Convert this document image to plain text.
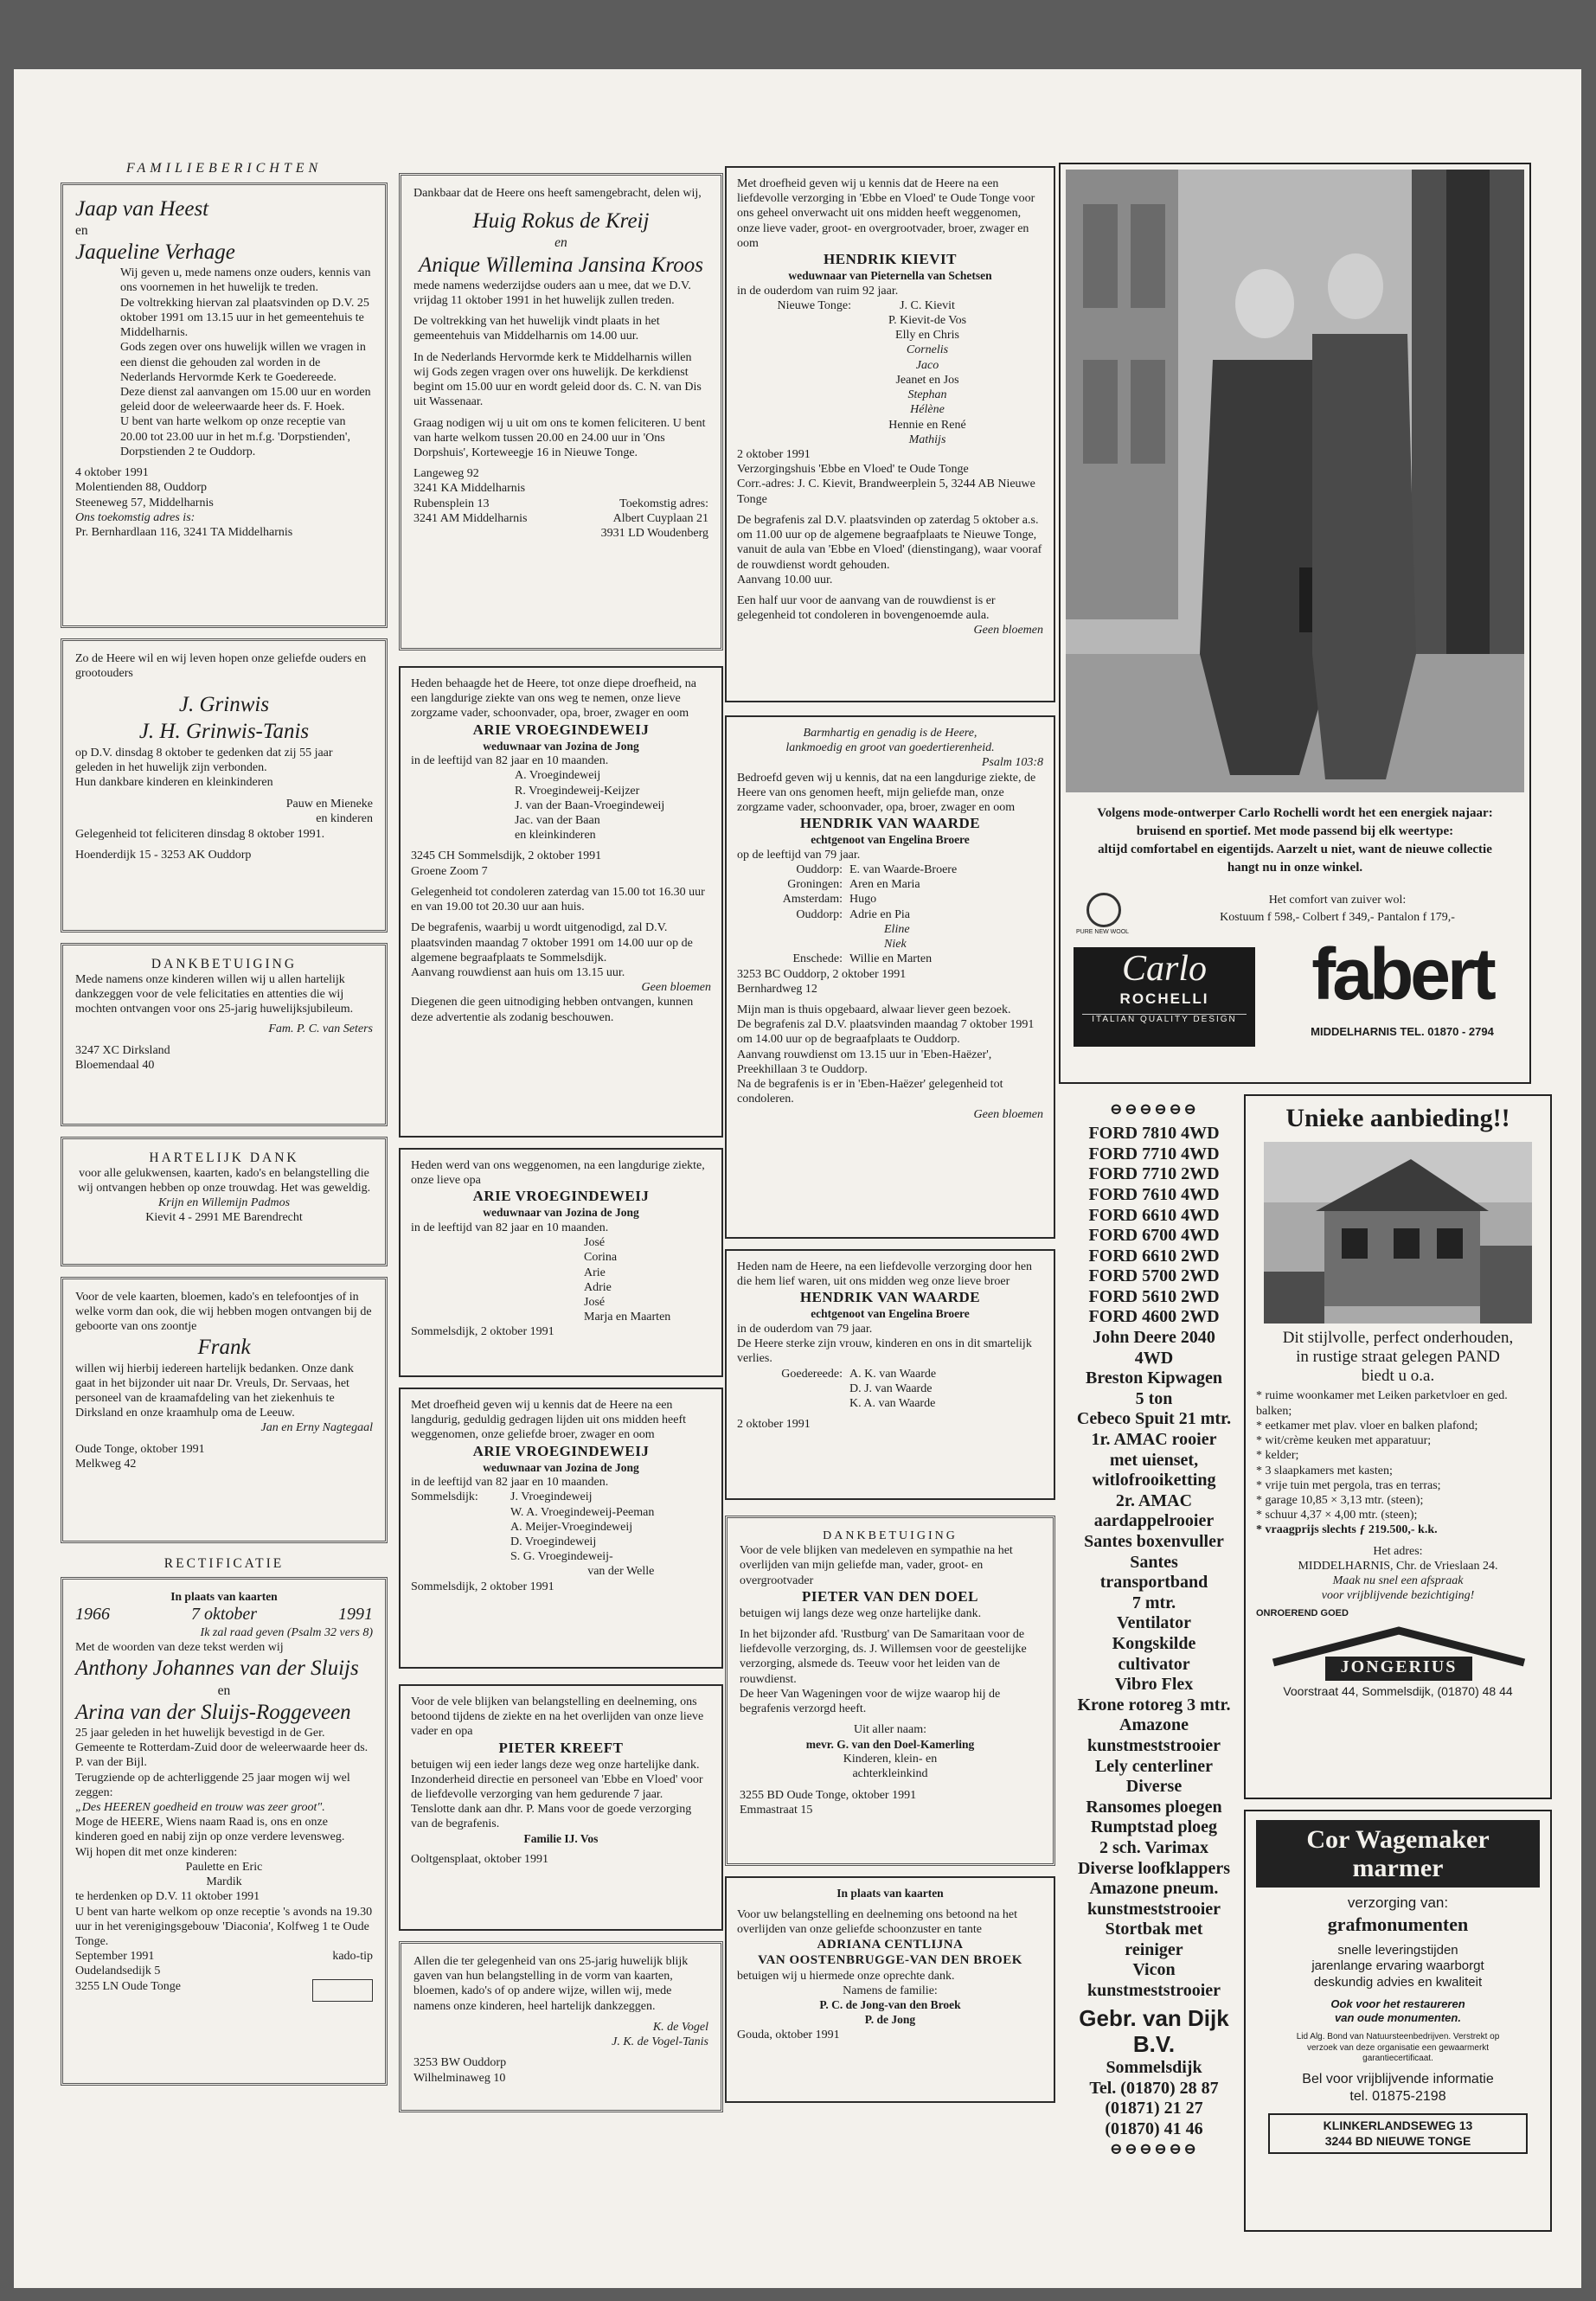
FAMILIEBERICHTEN
Jaap van Heest
en
Jaqueline Verhage

Wij geven u, mede namens onze ouders, kennis van ons voornemen in het huwelijk te treden.

De voltrekking hiervan zal plaatsvinden op D.V. 25 oktober 1991 om 13.15 uur in het gemeentehuis te Middelharnis.

Gods zegen over ons huwelijk willen we vragen in een dienst die gehouden zal worden in de Nederlands Hervormde Kerk te Goedereede.

Deze dienst zal aanvangen om 15.00 uur en worden geleid door de weleerwaarde heer ds. F. Hoek.

U bent van harte welkom op onze receptie van 20.00 tot 23.00 uur in het m.f.g. 'Dorpstienden', Dorpstienden 2 te Ouddorp.

4 oktober 1991
Molentienden 88, Ouddorp
Steeneweg 57, Middelharnis
Ons toekomstig adres is:
Pr. Bernhardlaan 116, 3241 TA Middelharnis

Zo de Heere wil en wij leven hopen onze geliefde ouders en grootouders

J. Grinwis
J. H. Grinwis-Tanis

op D.V. dinsdag 8 oktober te gedenken dat zij 55 jaar geleden in het huwelijk zijn verbonden.

Hun dankbare kinderen en kleinkinderen

Pauw en Mieneke
en kinderen

Gelegenheid tot feliciteren dinsdag 8 oktober 1991.

Hoenderdijk 15 - 3253 AK Ouddorp
DANKBETUIGING

Mede namens onze kinderen willen wij u allen hartelijk dankzeggen voor de vele felicitaties en attenties die wij mochten ontvangen voor ons 25-jarig huwelijksjubileum.

Fam. P. C. van Seters
3247 XC Dirksland
Bloemendaal 40
HARTELIJK DANK

voor alle gelukwensen, kaarten, kado's en belangstelling die wij ontvangen hebben op onze trouwdag. Het was geweldig.

Krijn en Willemijn Padmos
Kievit 4 - 2991 ME Barendrecht

Voor de vele kaarten, bloemen, kado's en telefoontjes of in welke vorm dan ook, die wij hebben mogen ontvangen bij de geboorte van ons zoontje

Frank

willen wij hierbij iedereen hartelijk bedanken. Onze dank gaat in het bijzonder uit naar Dr. Vreuls, Dr. Servaas, het personeel van de kraamafdeling van het ziekenhuis te Dirksland en onze kraamhulp oma de Leeuw.

Jan en Erny Nagtegaal
Oude Tonge, oktober 1991
Melkweg 42
RECTIFICATIE
In plaats van kaarten
1966	7 oktober	1991
Ik zal raad geven (Psalm 32 vers 8)

Met de woorden van deze tekst werden wij

Anthony Johannes van der Sluijs
en
Arina van der Sluijs-Roggeveen

25 jaar geleden in het huwelijk bevestigd in de Ger. Gemeente te Rotterdam-Zuid door de weleerwaarde heer ds. P. van der Bijl.

Terugziende op de achterliggende 25 jaar mogen wij wel zeggen:

„Des HEEREN goedheid en trouw was zeer groot".

Moge de HEERE, Wiens naam Raad is, ons en onze kinderen goed en nabij zijn op onze verdere levensweg.

Wij hopen dit met onze kinderen:

Paulette en Eric
Mardik

te herdenken op D.V. 11 oktober 1991

U bent van harte welkom op onze receptie 's avonds na 19.30 uur in het verenigingsgebouw 'Diaconia', Kolfweg 1 te Oude Tonge.

September 1991	kado-tip
Oudelandsedijk 5
3255 LN Oude Tonge

Dankbaar dat de Heere ons heeft samengebracht, delen wij,

Huig Rokus de Kreij
en
Anique Willemina Jansina Kroos

mede namens wederzijdse ouders aan u mee, dat we D.V. vrijdag 11 oktober 1991 in het huwelijk zullen treden.

De voltrekking van het huwelijk vindt plaats in het gemeentehuis van Middelharnis om 14.00 uur.

In de Nederlands Hervormde kerk te Middelharnis willen wij Gods zegen vragen over ons huwelijk. De kerkdienst begint om 15.00 uur en wordt geleid door ds. C. N. van Dis uit Wassenaar.

Graag nodigen wij u uit om ons te komen feliciteren. U bent van harte welkom tussen 20.00 en 24.00 uur in 'Ons Dorpshuis', Korteweegje 16 in Nieuwe Tonge.

Langeweg 92
3241 KA Middelharnis
Rubensplein 13	Toekomstig adres:
3241 AM Middelharnis	Albert Cuyplaan 21
3931 LD Woudenberg

Heden behaagde het de Heere, tot onze diepe droefheid, na een langdurige ziekte van ons weg te nemen, onze lieve zorgzame vader, schoonvader, opa, broer, zwager en oom

ARIE VROEGINDEWEIJ
weduwnaar van Jozina de Jong

in de leeftijd van 82 jaar en 10 maanden.

A. Vroegindeweij
R. Vroegindeweij-Keijzer
J. van der Baan-Vroegindeweij
Jac. van der Baan
en kleinkinderen
3245 CH Sommelsdijk, 2 oktober 1991
Groene Zoom 7

Gelegenheid tot condoleren zaterdag van 15.00 tot 16.30 uur en van 19.00 tot 20.30 uur aan huis.

De begrafenis, waarbij u wordt uitgenodigd, zal D.V. plaatsvinden maandag 7 oktober 1991 om 14.00 uur op de algemene begraafplaats te Sommelsdijk.

Aanvang rouwdienst aan huis om 13.15 uur.

Geen bloemen

Diegenen die geen uitnodiging hebben ontvangen, kunnen deze advertentie als zodanig beschouwen.

Heden werd van ons weggenomen, na een langdurige ziekte, onze lieve opa

ARIE VROEGINDEWEIJ
weduwnaar van Jozina de Jong

in de leeftijd van 82 jaar en 10 maanden.

José
Corina
Arie
Adrie
José
Marja en Maarten
Sommelsdijk, 2 oktober 1991

Met droefheid geven wij u kennis dat de Heere na een langdurig, geduldig gedragen lijden uit ons midden heeft weggenomen, onze geliefde broer, zwager en oom

ARIE VROEGINDEWEIJ
weduwnaar van Jozina de Jong

in de leeftijd van 82 jaar en 10 maanden.

Sommelsdijk:	J. Vroegindeweij
W. A. Vroegindeweij-Peeman
A. Meijer-Vroegindeweij
D. Vroegindeweij
S. G. Vroegindeweij-
van der Welle
Sommelsdijk, 2 oktober 1991

Voor de vele blijken van belangstelling en deelneming, ons betoond tijdens de ziekte en na het overlijden van onze lieve vader en opa

PIETER KREEFT

betuigen wij een ieder langs deze weg onze hartelijke dank.

Inzonderheid directie en personeel van 'Ebbe en Vloed' voor de liefdevolle verzorging van hem gedurende 7 jaar.

Tenslotte dank aan dhr. P. Mans voor de goede verzorging van de begrafenis.

Familie IJ. Vos
Ooltgensplaat, oktober 1991

Allen die ter gelegenheid van ons 25-jarig huwelijk blijk gaven van hun belangstelling in de vorm van kaarten, bloemen, kado's of op andere wijze, willen wij, mede namens onze kinderen, heel hartelijk dankzeggen.

K. de Vogel
J. K. de Vogel-Tanis
3253 BW Ouddorp
Wilhelminaweg 10

Met droefheid geven wij u kennis dat de Heere na een liefdevolle verzorging in 'Ebbe en Vloed' te Oude Tonge voor ons geheel onverwacht uit ons midden heeft weggenomen, onze lieve vader, groot- en overgrootvader, broer, zwager en oom

HENDRIK KIEVIT
weduwnaar van Pieternella van Schetsen

in de ouderdom van ruim 92 jaar.

Nieuwe Tonge:	J. C. Kievit
P. Kievit-de Vos
Elly en Chris
Cornelis
Jaco
Jeanet en Jos
Stephan
Hélène
Hennie en René
Mathijs
2 oktober 1991
Verzorgingshuis 'Ebbe en Vloed' te Oude Tonge
Corr.-adres: J. C. Kievit, Brandweerplein 5, 3244 AB Nieuwe Tonge

De begrafenis zal D.V. plaatsvinden op zaterdag 5 oktober a.s. om 11.00 uur op de algemene begraafplaats te Nieuwe Tonge, vanuit de aula van 'Ebbe en Vloed' (dienstingang), waar vooraf de rouwdienst wordt gehouden.

Aanvang 10.00 uur.

Een half uur voor de aanvang van de rouwdienst is er gelegenheid tot condoleren in bovengenoemde aula.

Geen bloemen
Barmhartig en genadig is de Heere,
lankmoedig en groot van goedertierenheid.
Psalm 103:8

Bedroefd geven wij u kennis, dat na een langdurige ziekte, de Heere van ons genomen heeft, mijn geliefde man, onze zorgzame vader, schoonvader, opa, broer, zwager en oom

HENDRIK VAN WAARDE
echtgenoot van Engelina Broere

op de leeftijd van 79 jaar.

Ouddorp: E. van Waarde-Broere
Groningen: Aren en Maria
Amsterdam: Hugo
Ouddorp: Adrie en Pia
Eline
Niek
Enschede: Willie en Marten
3253 BC Ouddorp, 2 oktober 1991
Bernhardweg 12

Mijn man is thuis opgebaard, alwaar liever geen bezoek.

De begrafenis zal D.V. plaatsvinden maandag 7 oktober 1991 om 14.00 uur op de begraafplaats te Ouddorp.

Aanvang rouwdienst om 13.15 uur in 'Eben-Haëzer', Preekhillaan 3 te Ouddorp.

Na de begrafenis is er in 'Eben-Haëzer' gelegenheid tot condoleren.

Geen bloemen

Heden nam de Heere, na een liefdevolle verzorging door hen die hem lief waren, uit ons midden weg onze lieve broer

HENDRIK VAN WAARDE
echtgenoot van Engelina Broere

in de ouderdom van 79 jaar.

De Heere sterke zijn vrouw, kinderen en ons in dit smartelijk verlies.

Goedereede: A. K. van Waarde
D. J. van Waarde
K. A. van Waarde
2 oktober 1991
DANKBETUIGING

Voor de vele blijken van medeleven en sympathie na het overlijden van mijn geliefde man, vader, groot- en overgrootvader

PIETER VAN DEN DOEL

betuigen wij langs deze weg onze hartelijke dank.

In het bijzonder afd. 'Rustburg' van De Samaritaan voor de liefdevolle verzorging, ds. J. Willemsen voor de geestelijke verzorging, alsmede ds. Teeuw voor het leiden van de rouwdienst.

De heer Van Wageningen voor de wijze waarop hij de begrafenis verzorgd heeft.

Uit aller naam:
mevr. G. van den Doel-Kamerling
Kinderen, klein- en
achterkleinkind
3255 BD Oude Tonge, oktober 1991
Emmastraat 15
In plaats van kaarten

Voor uw belangstelling en deelneming ons betoond na het overlijden van onze geliefde schoonzuster en tante

ADRIANA CENTLIJNA
VAN OOSTENBRUGGE-VAN DEN BROEK

betuigen wij u hiermede onze oprechte dank.

Namens de familie:
P. C. de Jong-van den Broek
P. de Jong
Gouda, oktober 1991
Volgens mode-ontwerper Carlo Rochelli wordt het een energiek najaar:
bruisend en sportief. Met mode passend bij elk weertype:
altijd comfortabel en eigentijds. Aarzelt u niet, want de nieuwe collectie
hangt nu in onze winkel.
PURE NEW WOOL
Het comfort van zuiver wol:
Kostuum f 598,- Colbert f 349,- Pantalon f 179,-
Carlo
ROCHELLI
ITALIAN QUALITY DESIGN
fabert
MIDDELHARNIS TEL. 01870 - 2794
⊖⊖⊖⊖⊖⊖
FORD 7810 4WD
FORD 7710 4WD
FORD 7710 2WD
FORD 7610 4WD
FORD 6610 4WD
FORD 6700 4WD
FORD 6610 2WD
FORD 5700 2WD
FORD 5610 2WD
FORD 4600 2WD
John Deere 2040
4WD
Breston Kipwagen
5 ton
Cebeco Spuit 21 mtr.
1r. AMAC rooier
met uienset,
witlofrooiketting
2r. AMAC
aardappelrooier
Santes boxenvuller
Santes transportband
7 mtr.
Ventilator
Kongskilde cultivator
Vibro Flex
Krone rotoreg 3 mtr.
Amazone
kunstmeststrooier
Lely centerliner
Diverse
Ransomes ploegen
Rumptstad ploeg
2 sch. Varimax
Diverse loofklappers
Amazone pneum.
kunstmeststrooier
Stortbak met reiniger
Vicon
kunstmeststrooier
Gebr. van Dijk B.V.
Sommelsdijk
Tel. (01870) 28 87
(01871) 21 27
(01870) 41 46
⊖⊖⊖⊖⊖⊖
Unieke aanbieding!!
Dit stijlvolle, perfect onderhouden,
in rustige straat gelegen PAND
biedt u o.a.
* ruime woonkamer met Leiken parketvloer en ged. balken;
* eetkamer met plav. vloer en balken plafond;
* wit/crème keuken met apparatuur;
* kelder;
* 3 slaapkamers met kasten;
* vrije tuin met pergola, tras en terras;
* garage 10,85 × 3,13 mtr. (steen);
* schuur 4,37 × 4,00 mtr. (steen);
* vraagprijs slechts ƒ 219.500,- k.k.
Het adres:
MIDDELHARNIS, Chr. de Vrieslaan 24.
Maak nu snel een afspraak
voor vrijblijvende bezichtiging!
ONROEREND GOED
JONGERIUS
Voorstraat 44, Sommelsdijk, (01870) 48 44
Cor Wagemaker
marmer
verzorging van:
grafmonumenten
snelle leveringstijden
jarenlange ervaring waarborgt
deskundig advies en kwaliteit
Ook voor het restaureren
van oude monumenten.
Lid Alg. Bond van Natuursteenbedrijven. Verstrekt op verzoek van deze organisatie een gewaarmerkt garantiecertificaat.
Bel voor vrijblijvende informatie
tel. 01875-2198
KLINKERLANDSEWEG 13
3244 BD NIEUWE TONGE
